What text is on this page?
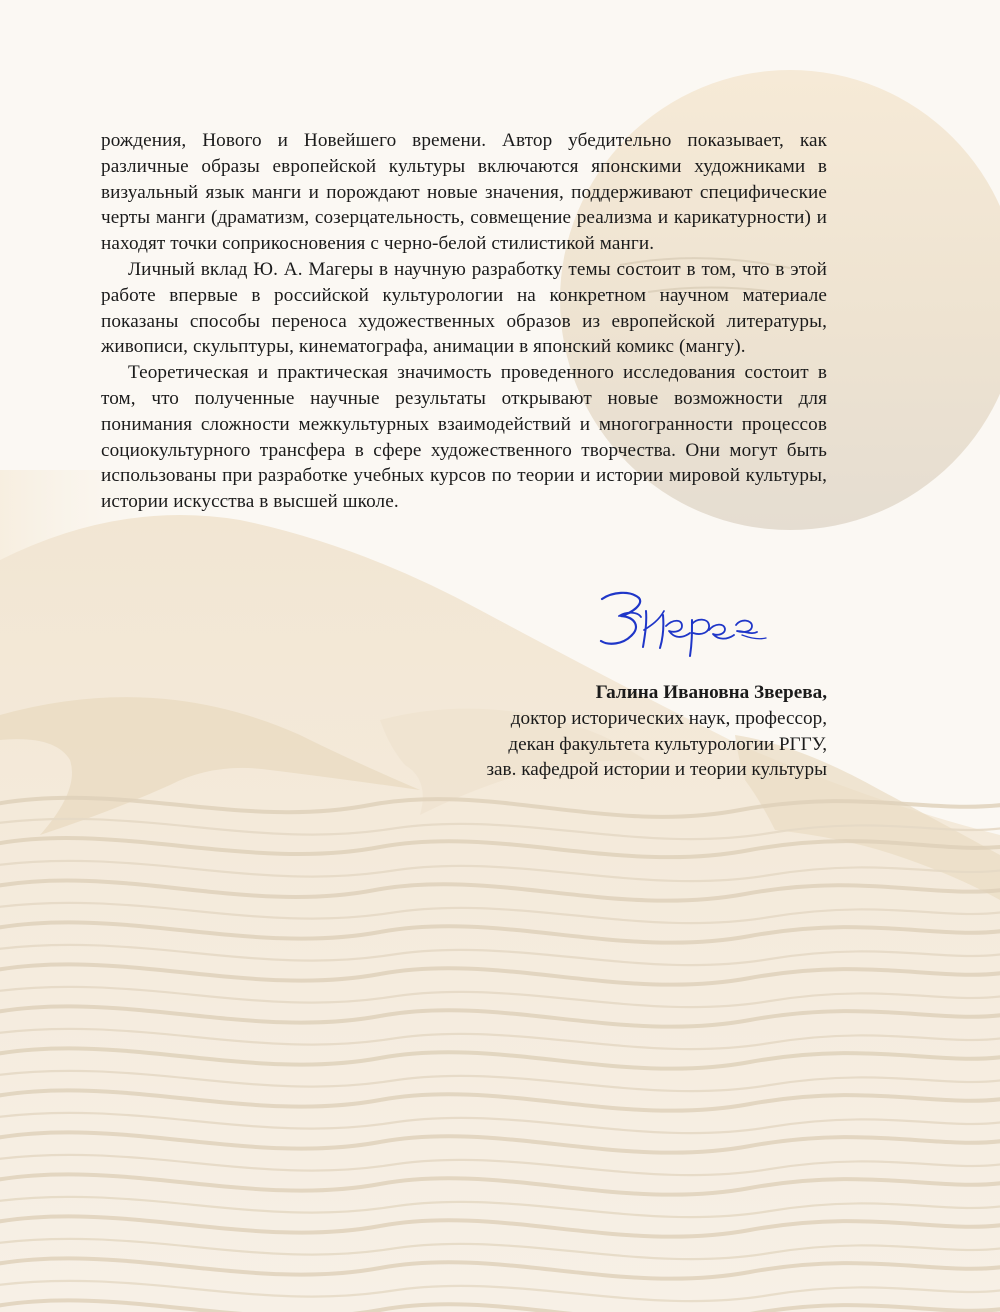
рождения, Нового и Новейшего времени. Автор убедительно показывает, как различные образы европейской культуры включаются японскими художниками в визуальный язык манги и порождают новые значения, поддерживают специфические черты манги (драматизм, созерцательность, совмещение реализма и карикатурности) и находят точки соприкосновения с черно-белой стилистикой манги.

Личный вклад Ю. А. Магеры в научную разработку темы состоит в том, что в этой работе впервые в российской культурологии на конкретном научном материале показаны способы переноса художественных образов из европейской литературы, живописи, скульптуры, кинематографа, анимации в японский комикс (мангу).

Теоретическая и практическая значимость проведенного исследования состоит в том, что полученные научные результаты открывают новые возможности для понимания сложности межкультурных взаимодействий и многогранности процессов социокультурного трансфера в сфере художественного творчества. Они могут быть использованы при разработке учебных курсов по теории и истории мировой культуры, истории искусства в высшей школе.

Галина Ивановна Зверева,
доктор исторических наук, профессор,
декан факультета культурологии РГГУ,
зав. кафедрой истории и теории культуры
